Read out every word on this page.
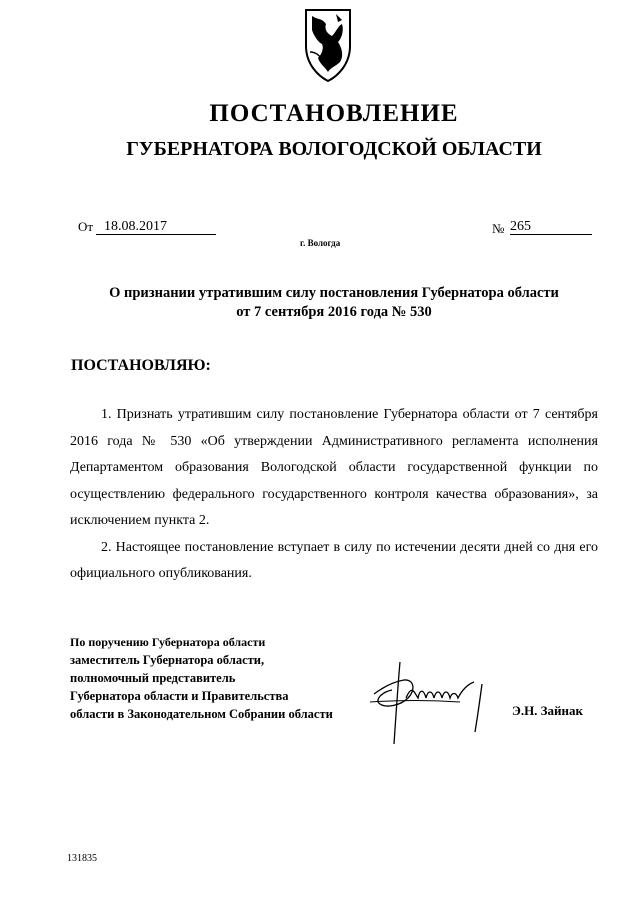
ПОСТАНОВЛЕНИЕ
ГУБЕРНАТОРА ВОЛОГОДСКОЙ ОБЛАСТИ
От 18.08.2017	№ 265
г. Вологда
О признании утратившим силу постановления Губернатора области
от 7 сентября 2016 года № 530
ПОСТАНОВЛЯЮ:

1. Признать утратившим силу постановление Губернатора области от 7 сентября 2016 года № 530 «Об утверждении Административного регламента исполнения Департаментом образования Вологодской области государственной функции по осуществлению федерального государственного контроля качества образования», за исключением пункта 2.

2. Настоящее постановление вступает в силу по истечении десяти дней со дня его официального опубликования.

По поручению Губернатора области
заместитель Губернатора области,
полномочный представитель
Губернатора области и Правительства
области в Законодательном Собрании области	Э.Н. Зайнак
131835
